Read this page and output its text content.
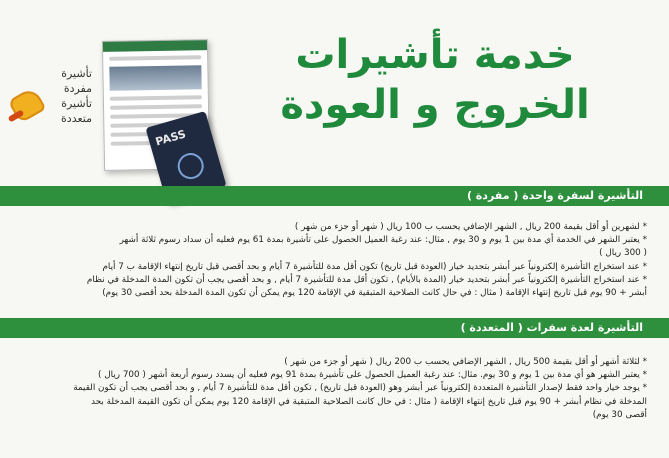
خدمة تأشيرات الخروج و العودة
تأشيرة مفردة
تأشيرة متعددة
PASS
التأشيرة لسفرة واحدة ( مفردة )
* لشهرين أو أقل بقيمة 200 ريال , الشهر الإضافي يحسب ب 100 ريال ( شهر أو جزء من شهر )
* يعتبر الشهر في الخدمة أي مدة بين 1 يوم و 30 يوم , مثال: عند رغبة العميل الحصول على تأشيرة بمدة 61 يوم فعليه أن سداد رسوم ثلاثة أشهر
( 300 ريال )
* عند استخراج التأشيرة إلكترونياً عبر أبشر بتحديد خيار (العودة قبل تاريخ) تكون أقل مدة للتأشيرة 7 أيام و بحد أقصى قبل تاريخ إنتهاء الإقامة ب 7 أيام
* عند استخراج التأشيرة إلكترونياً عبر أبشر بتحديد خيار (المدة بالأيام) , تكون أقل مدة للتأشيرة 7 أيام , و بحد أقصى يجب أن تكون المدة المدخلة في نظام
أبشر + 90 يوم قبل تاريخ إنتهاء الإقامة ( مثال : في حال كانت الصلاحية المتبقية في الإقامة 120 يوم يمكن أن تكون المدة المدخلة بحد أقصى 30 يوم)
التأشيرة لعدة سفرات ( المتعددة )
* لثلاثة أشهر أو أقل بقيمة 500 ريال , الشهر الإضافي يحسب ب 200 ريال ( شهر أو جزء من شهر )
* يعتبر الشهر هو أي مدة بين 1 يوم و 30 يوم. مثال: عند رغبة العميل الحصول على تأشيرة بمدة 91 يوم فعليه أن يسدد رسوم أربعة أشهر ( 700 ريال )
* يوجد خيار واحد فقط لإصدار التأشيرة المتعددة إلكترونياً عبر أبشر وهو (العودة قبل تاريخ) , تكون أقل مدة للتأشيرة 7 أيام , و بحد أقصى يجب أن تكون القيمة
المدخلة في نظام أبشر + 90 يوم قبل تاريخ إنتهاء الإقامة ( مثال : في حال كانت الصلاحية المتبقية في الإقامة 120 يوم يمكن أن تكون القيمة المدخلة بحد
أقصى 30 يوم)
